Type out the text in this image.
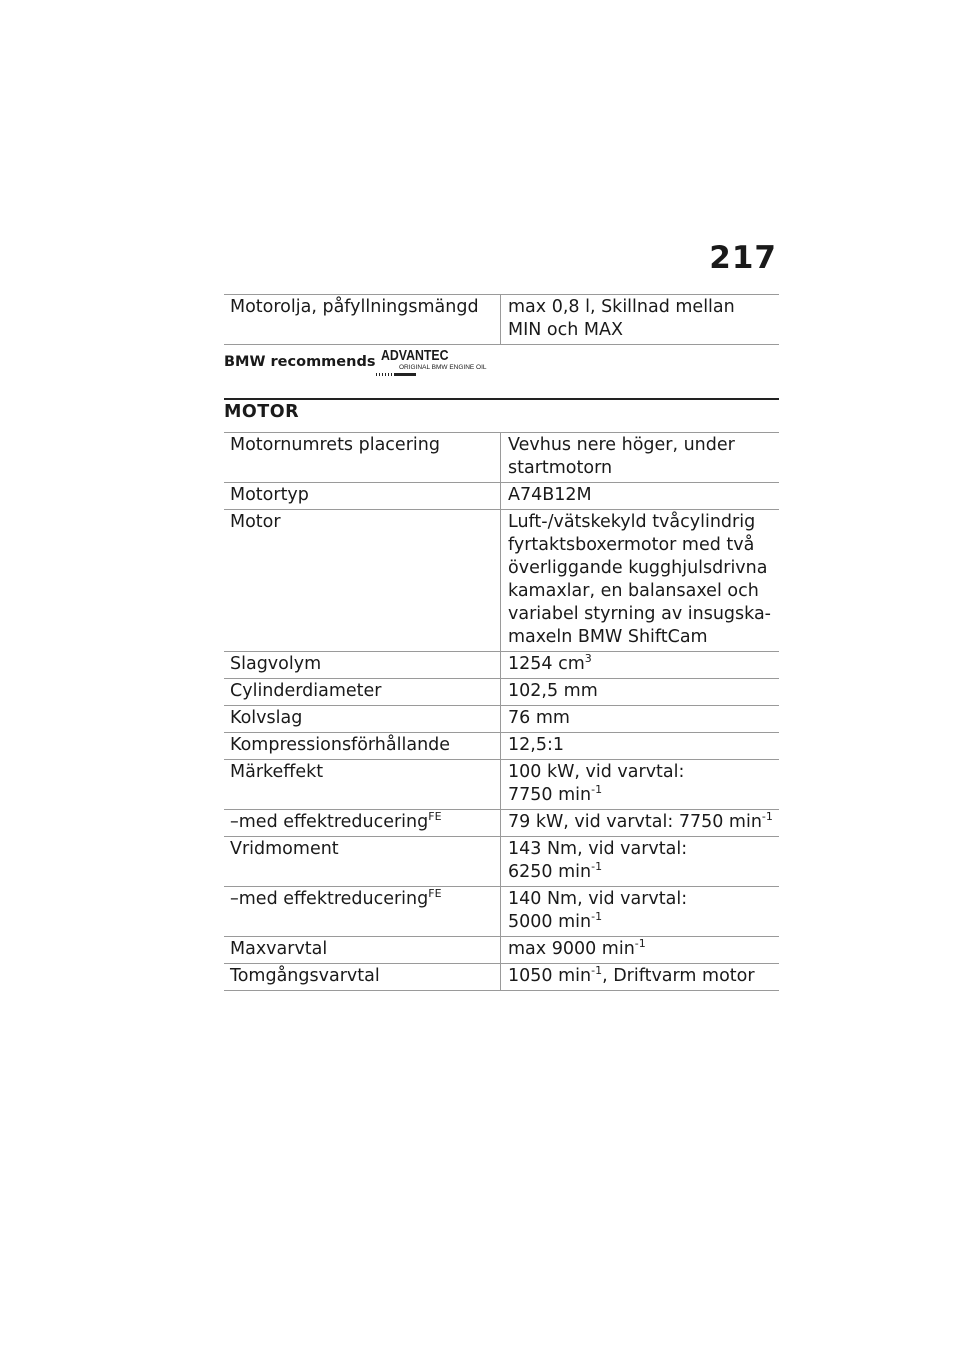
217
Motorolja, påfyllningsmängd	max 0,8 l, Skillnad mellan MIN och MAX
BMW recommends ADVANTEC
ORIGINAL BMW ENGINE OIL
MOTOR
Motornumrets placering	Vevhus nere höger, under startmotorn
Motortyp	A74B12M
Motor	Luft-/vätskekyld tvåcylindrig fyrtaktsboxermotor med två överliggande kugghjulsdrivna kamaxlar, en balansaxel och variabel styrning av insugska- maxeln BMW ShiftCam
Slagvolym	1254 $cm^3$
Cylinderdiameter	102,5 mm
Kolvslag	76 mm
Kompressionsförhållande	12,5:1
Märkeffekt	100 kW, vid varvtal:
7750 $\min^{-1}$
–med effektreducering$^{FE}$	79 kW, vid varvtal: 7750 $\min^{-1}$
Vridmoment	143 Nm, vid varvtal:
6250 $\min^{-1}$
–med effektreducering$^{FE}$	140 Nm, vid varvtal:
5000 $\min^{-1}$
Maxvarvtal	max 9000 $\min^{-1}$
Tomgångsvarvtal	1050 $\min^{-1}$, Driftvarm motor
